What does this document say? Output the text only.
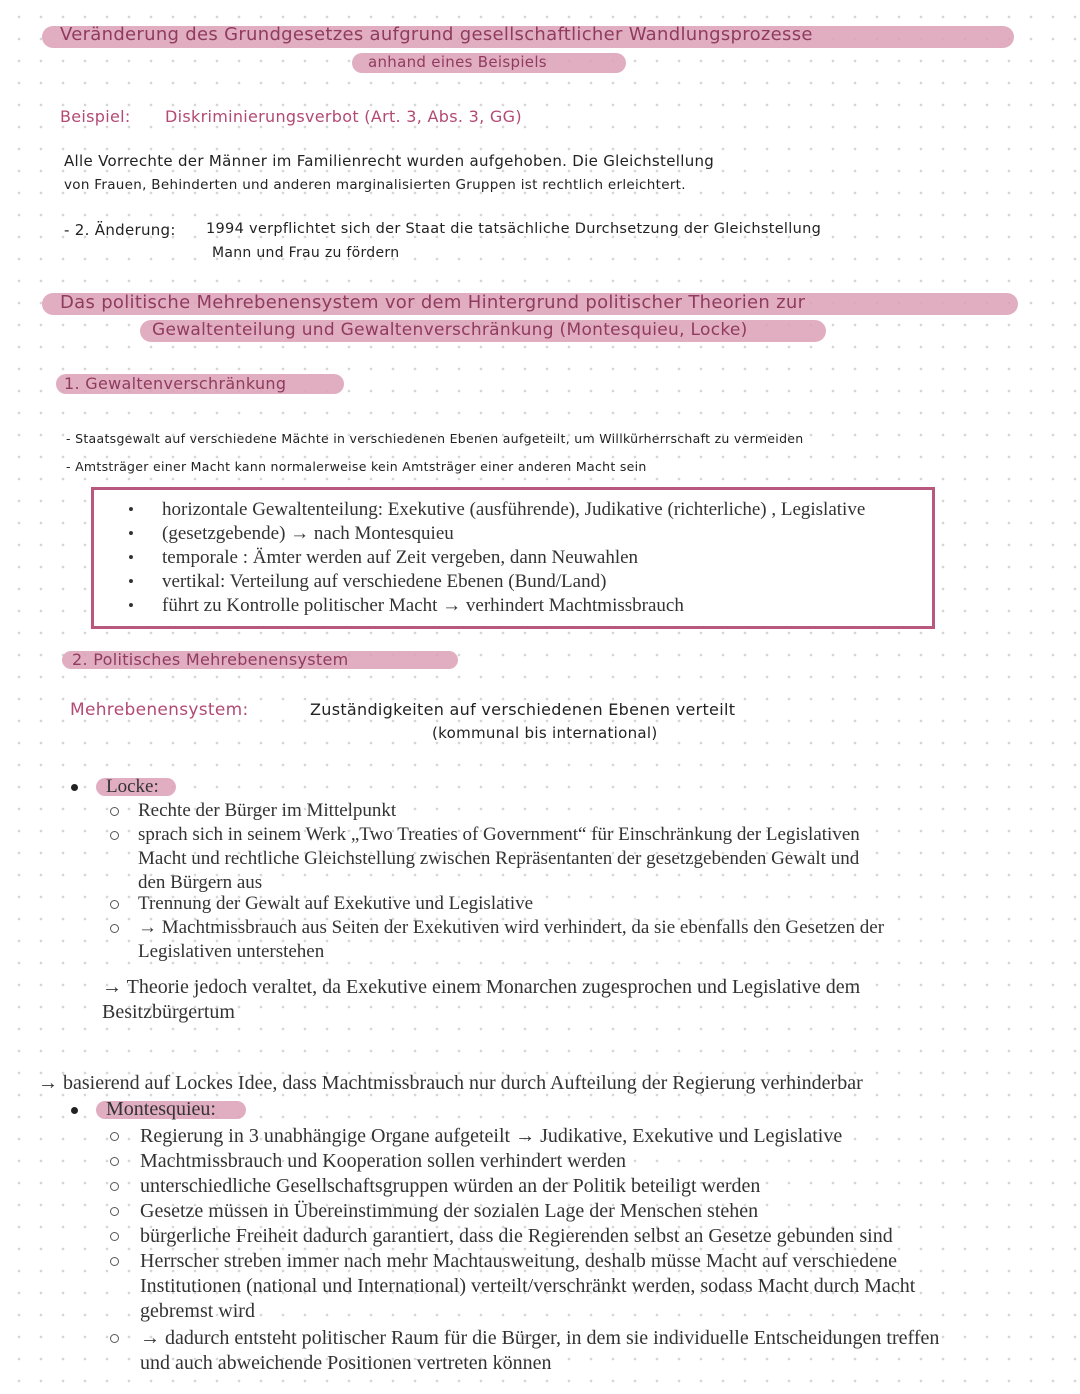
Veränderung des Grundgesetzes aufgrund gesellschaftlicher Wandlungsprozesse
anhand eines Beispiels
Beispiel: Diskriminierungsverbot (Art. 3, Abs. 3, GG)
Alle Vorrechte der Männer im Familienrecht wurden aufgehoben. Die Gleichstellung
von Frauen, Behinderten und anderen marginalisierten Gruppen ist rechtlich erleichtert.
- 2. Änderung: 1994 verpflichtet sich der Staat die tatsächliche Durchsetzung der Gleichstellung
Mann und Frau zu fördern
Das politische Mehrebenensystem vor dem Hintergrund politischer Theorien zur
Gewaltenteilung und Gewaltenverschränkung (Montesquieu, Locke)
1. Gewaltenverschränkung
- Staatsgewalt auf verschiedene Mächte in verschiedenen Ebenen aufgeteilt, um Willkürherrschaft zu vermeiden
- Amtsträger einer Macht kann normalerweise kein Amtsträger einer anderen Macht sein
• horizontale Gewaltenteilung: Exekutive (ausführende), Judikative (richterliche) , Legislative
• (gesetzgebende) → nach Montesquieu
• temporale : Ämter werden auf Zeit vergeben, dann Neuwahlen
• vertikal: Verteilung auf verschiedene Ebenen (Bund/Land)
• führt zu Kontrolle politischer Macht → verhindert Machtmissbrauch
2. Politisches Mehrebenensystem
Mehrebenensystem:	Zuständigkeiten auf verschiedenen Ebenen verteilt
(kommunal bis international)
Locke:
Rechte der Bürger im Mittelpunkt
sprach sich in seinem Werk „Two Treaties of Government“ für Einschränkung der Legislativen Macht und rechtliche Gleichstellung zwischen Repräsentanten der gesetzgebenden Gewalt und den Bürgern aus
Trennung der Gewalt auf Exekutive und Legislative
→ Machtmissbrauch aus Seiten der Exekutiven wird verhindert, da sie ebenfalls den Gesetzen der Legislativen unterstehen
→ Theorie jedoch veraltet, da Exekutive einem Monarchen zugesprochen und Legislative dem Besitzbürgertum
→ basierend auf Lockes Idee, dass Machtmissbrauch nur durch Aufteilung der Regierung verhinderbar
Montesquieu:
Regierung in 3 unabhängige Organe aufgeteilt → Judikative, Exekutive und Legislative
Machtmissbrauch und Kooperation sollen verhindert werden
unterschiedliche Gesellschaftsgruppen würden an der Politik beteiligt werden
Gesetze müssen in Übereinstimmung der sozialen Lage der Menschen stehen
bürgerliche Freiheit dadurch garantiert, dass die Regierenden selbst an Gesetze gebunden sind
Herrscher streben immer nach mehr Machtausweitung, deshalb müsse Macht auf verschiedene Institutionen (national und International) verteilt/verschränkt werden, sodass Macht durch Macht gebremst wird
→ dadurch entsteht politischer Raum für die Bürger, in dem sie individuelle Entscheidungen treffen und auch abweichende Positionen vertreten können
